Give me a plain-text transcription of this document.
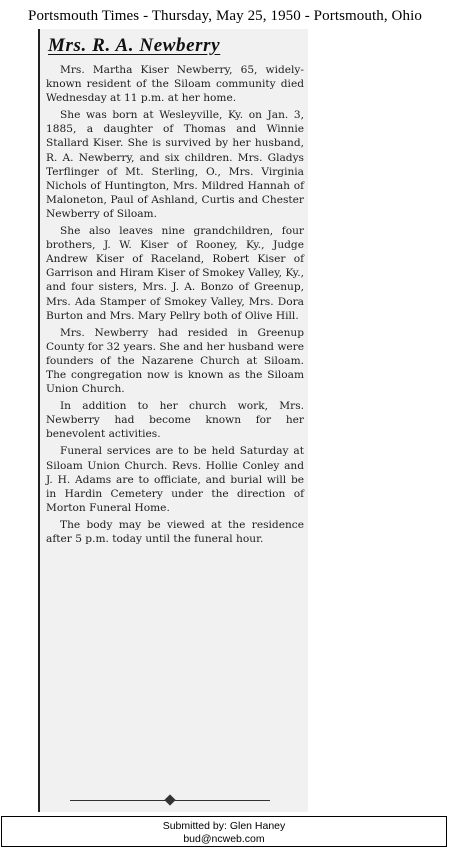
Portsmouth Times - Thursday, May 25, 1950 - Portsmouth, Ohio
Mrs. R. A. Newberry

Mrs. Martha Kiser Newberry, 65, widely-known resident of the Siloam community died Wednesday at 11 p.m. at her home.

She was born at Wesleyville, Ky. on Jan. 3, 1885, a daughter of Thomas and Winnie Stallard Kiser. She is survived by her husband, R. A. Newberry, and six children. Mrs. Gladys Terflinger of Mt. Sterling, O., Mrs. Virginia Nichols of Huntington, Mrs. Mildred Hannah of Maloneton, Paul of Ashland, Curtis and Chester Newberry of Siloam.

She also leaves nine grandchildren, four brothers, J. W. Kiser of Rooney, Ky., Judge Andrew Kiser of Raceland, Robert Kiser of Garrison and Hiram Kiser of Smokey Valley, Ky., and four sisters, Mrs. J. A. Bonzo of Greenup, Mrs. Ada Stamper of Smokey Valley, Mrs. Dora Burton and Mrs. Mary Pellry both of Olive Hill.

Mrs. Newberry had resided in Greenup County for 32 years. She and her husband were founders of the Nazarene Church at Siloam. The congregation now is known as the Siloam Union Church.

In addition to her church work, Mrs. Newberry had become known for her benevolent activities.

Funeral services are to be held Saturday at Siloam Union Church. Revs. Hollie Conley and J. H. Adams are to officiate, and burial will be in Hardin Cemetery under the direction of Morton Funeral Home.

The body may be viewed at the residence after 5 p.m. today until the funeral hour.

Submitted by: Glen Haney
bud@ncweb.com
